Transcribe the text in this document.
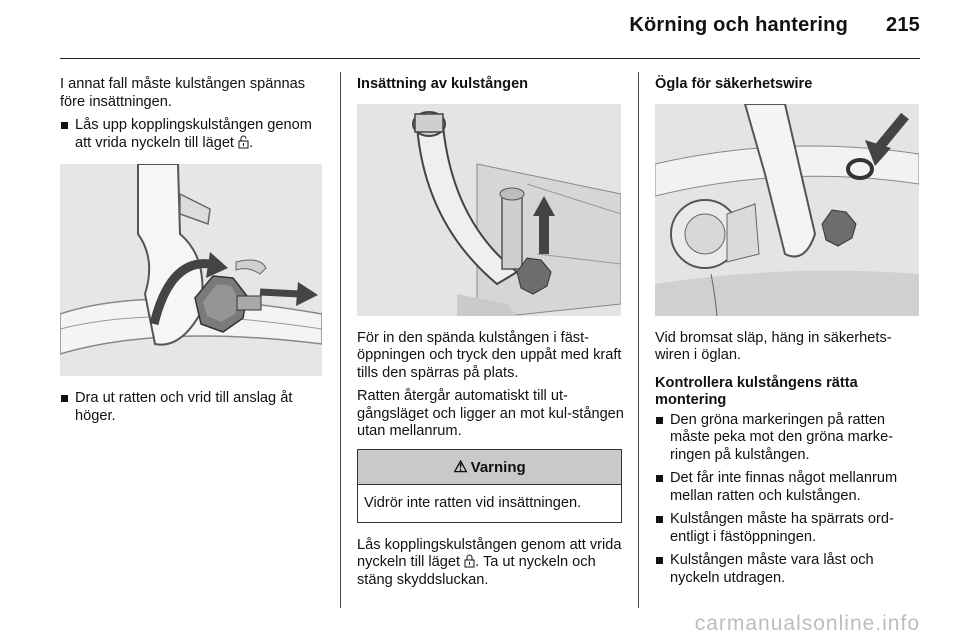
Körning och hantering 215

I annat fall måste kulstången spännas före insättningen.

Lås upp kopplingskulstången genom att vrida nyckeln till läget .
Dra ut ratten och vrid till anslag åt höger.

Insättning av kulstången

För in den spända kulstången i fäst-öppningen och tryck den uppåt med kraft tills den spärras på plats.

Ratten återgår automatiskt till ut-gångsläget och ligger an mot kul-stången utan mellanrum.

⚠ Varning
Vidrör inte ratten vid insättningen.

Lås kopplingskulstången genom att vrida nyckeln till läget . Ta ut nyckeln och stäng skyddsluckan.

Ögla för säkerhetswire

Vid bromsat släp, häng in säkerhets-wiren i öglan.

Kontrollera kulstångens rätta montering

Den gröna markeringen på ratten måste peka mot den gröna marke-ringen på kulstången.
Det får inte finnas något mellanrum mellan ratten och kulstången.
Kulstången måste ha spärrats ord-entligt i fästöppningen.
Kulstången måste vara låst och nyckeln utdragen.
carmanualsonline.info
